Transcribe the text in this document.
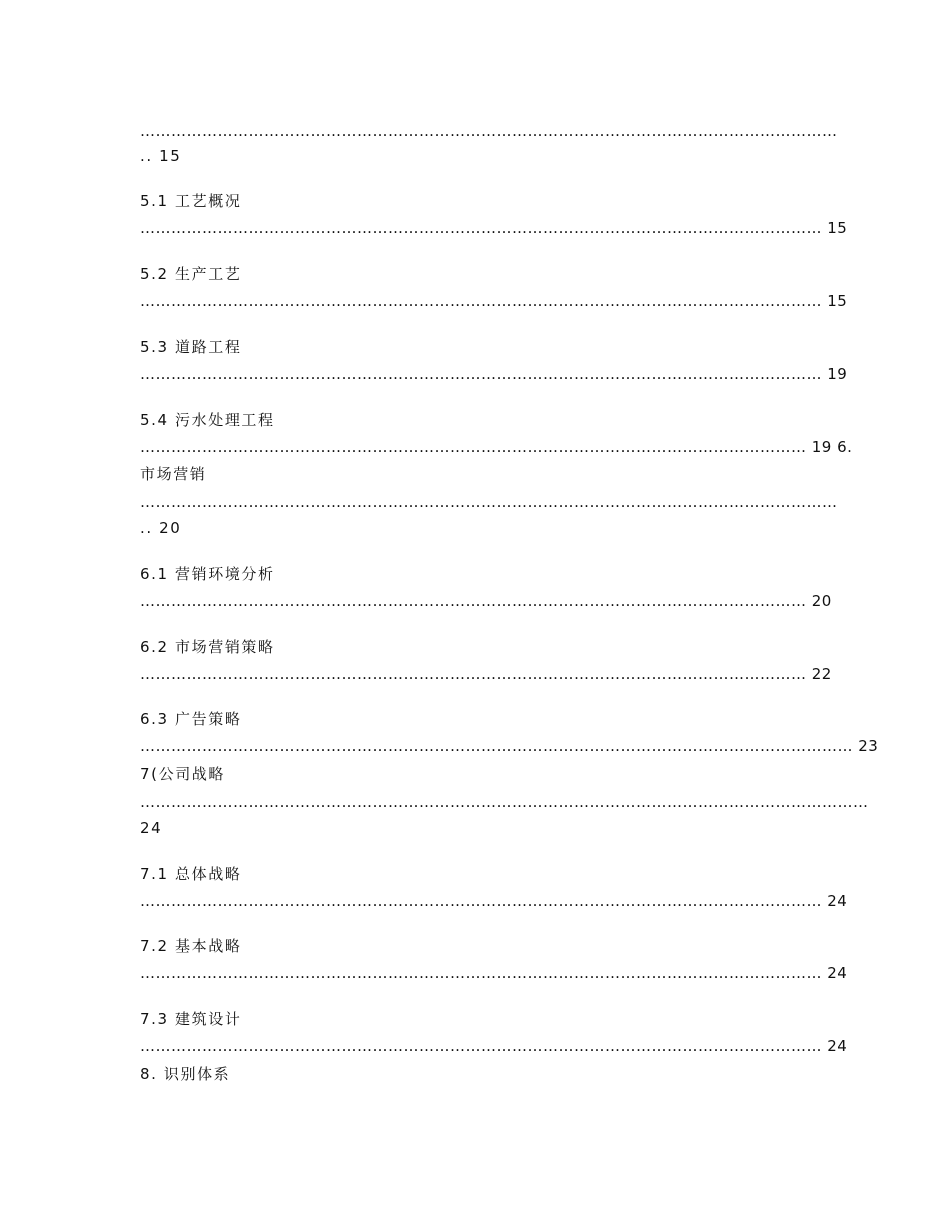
………………………………………………………………………………………………………………………
.. 15
5.1 工艺概况
…………………………………………………………………………………………………………………… 15
5.2 生产工艺
…………………………………………………………………………………………………………………… 15
5.3 道路工程
…………………………………………………………………………………………………………………… 19
5.4 污水处理工程
………………………………………………………………………………………………………………… 19 6.
市场营销
………………………………………………………………………………………………………………………
.. 20
6.1 营销环境分析
………………………………………………………………………………………………………………… 20
6.2 市场营销策略
………………………………………………………………………………………………………………… 22
6.3 广告策略
………………………………………………………………………………………………………………………… 23
7(公司战略
……………………………………………………………………………………………………………………………
24
7.1 总体战略
…………………………………………………………………………………………………………………… 24
7.2 基本战略
…………………………………………………………………………………………………………………… 24
7.3 建筑设计
…………………………………………………………………………………………………………………… 24
8. 识别体系
